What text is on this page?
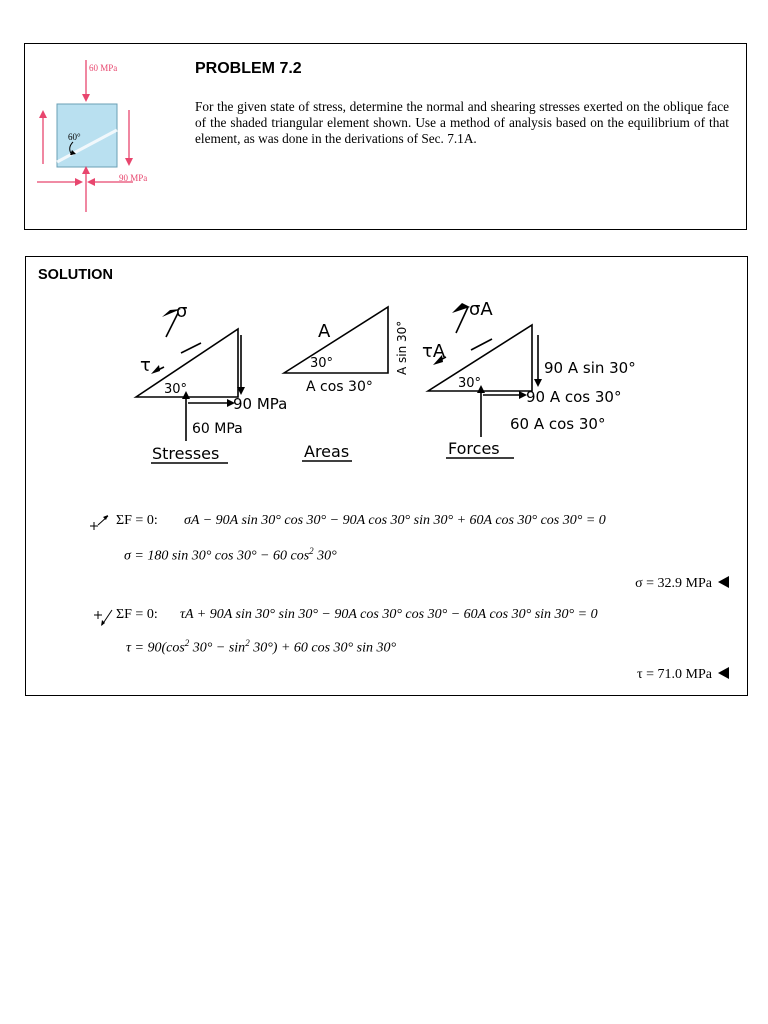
60°
60 MPa
90 MPa
PROBLEM 7.2
For the given state of stress, determine the normal and shearing stresses exerted on the oblique face of the shaded triangular element shown. Use a method of analysis based on the equilibrium of that element, as was done in the derivations of Sec. 7.1A.
SOLUTION
σ
τ
30°
90 MPa
60 MPa
Stresses
A
30°
A cos 30°
A sin 30°
Areas
σA
τA
30°
90 A sin 30°
90 A cos 30°
60 A cos 30°
Forces
ΣF = 0: σA − 90A sin 30° cos 30° − 90A cos 30° sin 30° + 60A cos 30° cos 30° = 0
σ = 180 sin 30° cos 30° − 60 $\cos^2 30^\circ$
σ = 32.9 MPa
ΣF = 0: τA + 90A sin 30° sin 30° − 90A cos 30° cos 30° − 60A cos 30° sin 30° = 0
$\tau = 90(\cos^2$ $30^\circ - \sin^2 30^\circ) + 60$ cos 30° sin 30°
τ = 71.0 MPa
